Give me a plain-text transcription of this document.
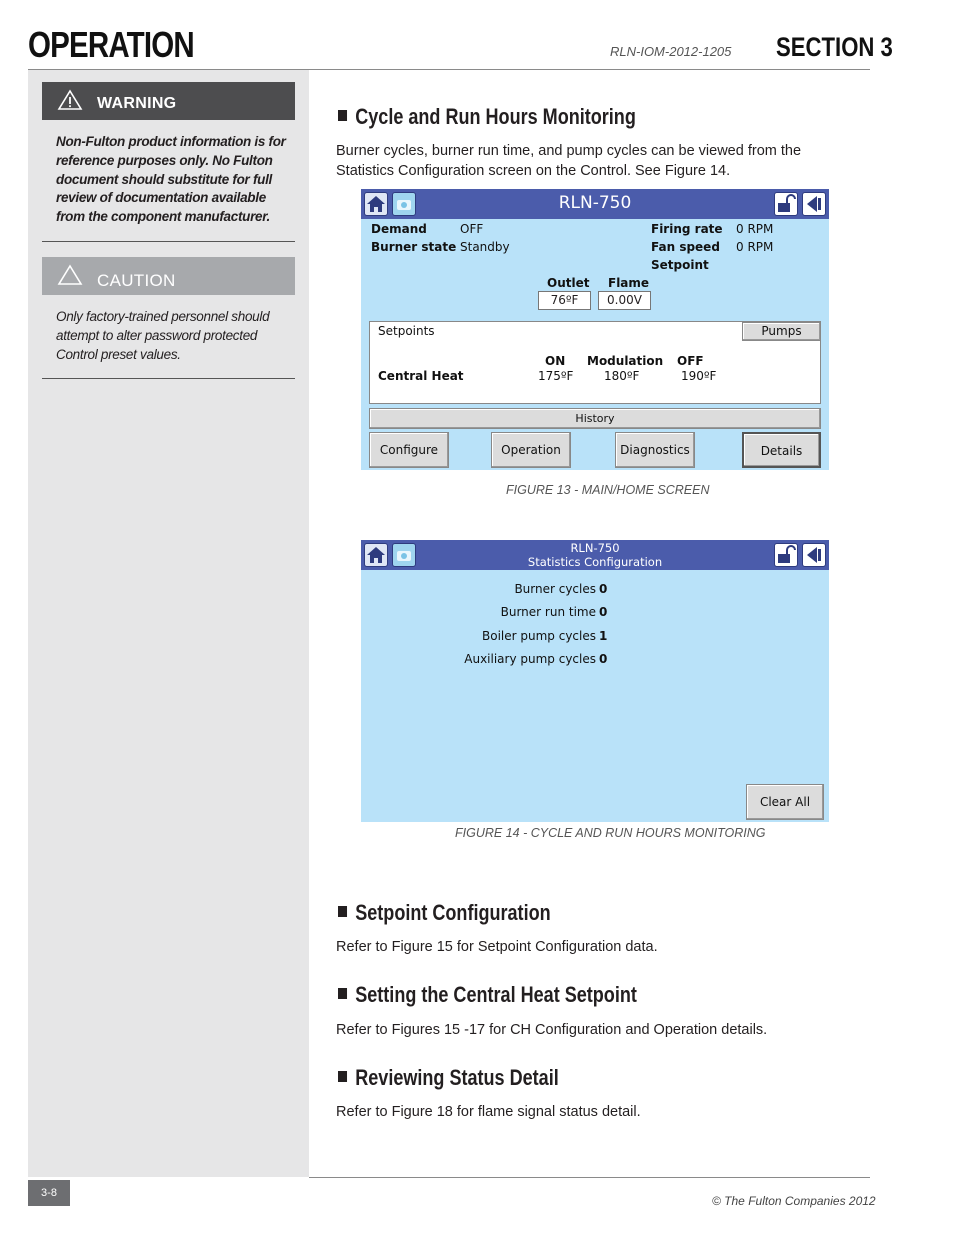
OPERATION	RLN-IOM-2012-1205 SECTION 3
WARNING
Non-Fulton product information is for reference purposes only. No Fulton document should substitute for full review of documentation available from the component manufacturer.
CAUTION
Only factory-trained personnel should attempt to alter password protected Control preset values.
Cycle and Run Hours Monitoring
Burner cycles, burner run time, and pump cycles can be viewed from the Statistics Configuration screen on the Control. See Figure 14.
RLN-750
Demand	OFF
Burner state Standby
Firing rate 0 RPM
Fan speed 0 RPM
Setpoint
Outlet
76ºF
Flame
0.00V
Setpoints	Pumps
ON Modulation OFF
Central Heat	175ºF	180ºF	190ºF
History
Configure	Operation	Diagnostics	Details
FIGURE 13 - MAIN/HOME SCREEN
RLN-750
Statistics Configuration
Burner cycles 0
Burner run time 0
Boiler pump cycles 1
Auxiliary pump cycles 0
Clear All
FIGURE 14 - CYCLE AND RUN HOURS MONITORING
Setpoint Configuration
Refer to Figure 15 for Setpoint Configuration data.
Setting the Central Heat Setpoint
Refer to Figures 15 -17 for CH Configuration and Operation details.
Reviewing Status Detail
Refer to Figure 18 for flame signal status detail.
3-8
© The Fulton Companies 2012
